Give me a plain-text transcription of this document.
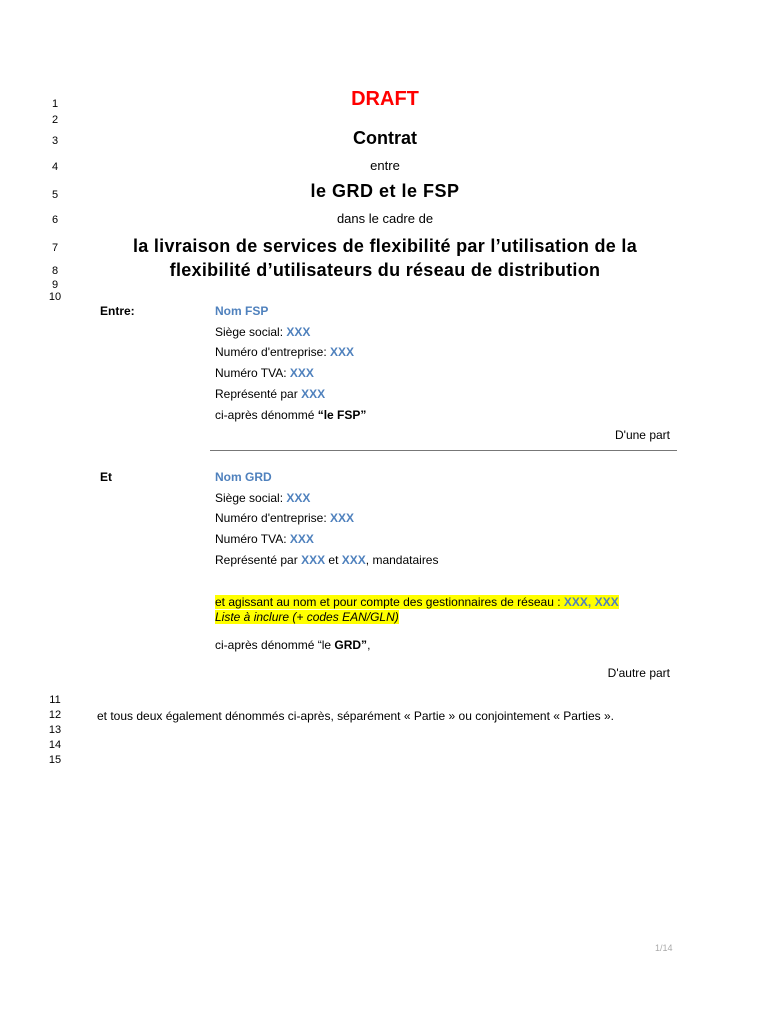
1
2
3
4
5
6
7
8
9
10
11
12
13
14
15
DRAFT
Contrat
entre
le GRD et le FSP
dans le cadre de
la livraison de services de flexibilité par l’utilisation de la
flexibilité d’utilisateurs du réseau de distribution
Entre:	Nom FSP
Siège social: XXX
Numéro d'entreprise: XXX
Numéro TVA: XXX
Représenté par XXX
ci-après dénommé “le FSP”
D'une part
Et	Nom GRD
Siège social: XXX
Numéro d'entreprise: XXX
Numéro TVA: XXX
Représenté par XXX et XXX, mandataires
et agissant au nom et pour compte des gestionnaires de réseau : XXX, XXX
Liste à inclure (+ codes EAN/GLN)
ci-après dénommé “le GRD”,
D'autre part
et tous deux également dénommés ci-après, séparément « Partie » ou conjointement « Parties ».
1/14
